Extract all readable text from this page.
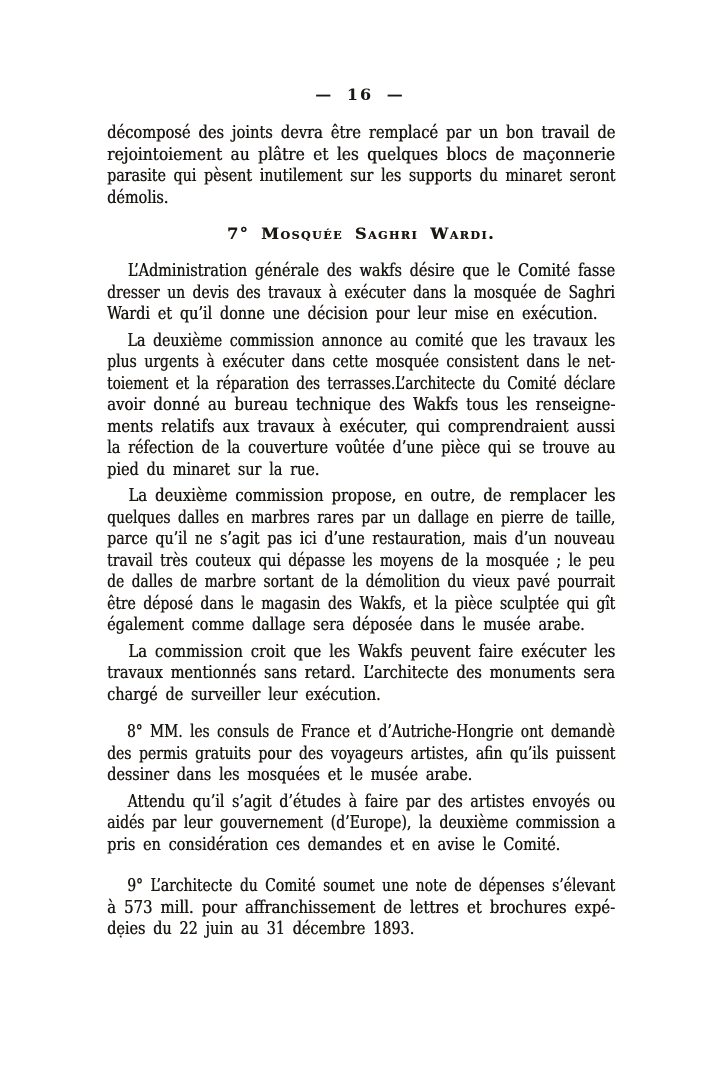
— 16 —
décomposé des joints devra être remplacé par un bon travail de
rejointoiement au plâtre et les quelques blocs de maçonnerie
parasite qui pèsent inutilement sur les supports du minaret seront
démolis.
7° Mosquée Saghri Wardi.
L’Administration générale des wakfs désire que le Comité fasse
dresser un devis des travaux à exécuter dans la mosquée de Saghri
Wardi et qu’il donne une décision pour leur mise en exécution.
La deuxième commission annonce au comité que les travaux les
plus urgents à exécuter dans cette mosquée consistent dans le net-
toiement et la réparation des terrasses.L’architecte du Comité déclare
avoir donné au bureau technique des Wakfs tous les renseigne-
ments relatifs aux travaux à exécuter, qui comprendraient aussi
la réfection de la couverture voûtée d’une pièce qui se trouve au
pied du minaret sur la rue.
La deuxième commission propose, en outre, de remplacer les
quelques dalles en marbres rares par un dallage en pierre de taille,
parce qu’il ne s’agit pas ici d’une restauration, mais d’un nouveau
travail très couteux qui dépasse les moyens de la mosquée ; le peu
de dalles de marbre sortant de la démolition du vieux pavé pourrait
être déposé dans le magasin des Wakfs, et la pièce sculptée qui gît
également comme dallage sera déposée dans le musée arabe.
La commission croit que les Wakfs peuvent faire exécuter les
travaux mentionnés sans retard. L’architecte des monuments sera
chargé de surveiller leur exécution.
8° MM. les consuls de France et d’Autriche-Hongrie ont demandè
des permis gratuits pour des voyageurs artistes, afin qu’ils puissent
dessiner dans les mosquées et le musée arabe.
Attendu qu’il s’agit d’études à faire par des artistes envoyés ou
aidés par leur gouvernement (d’Europe), la deuxième commission a
pris en considération ces demandes et en avise le Comité.
9° L’architecte du Comité soumet une note de dépenses s’élevant
à 573 mill. pour affranchissement de lettres et brochures expé-
dẹies du 22 juin au 31 décembre 1893.
